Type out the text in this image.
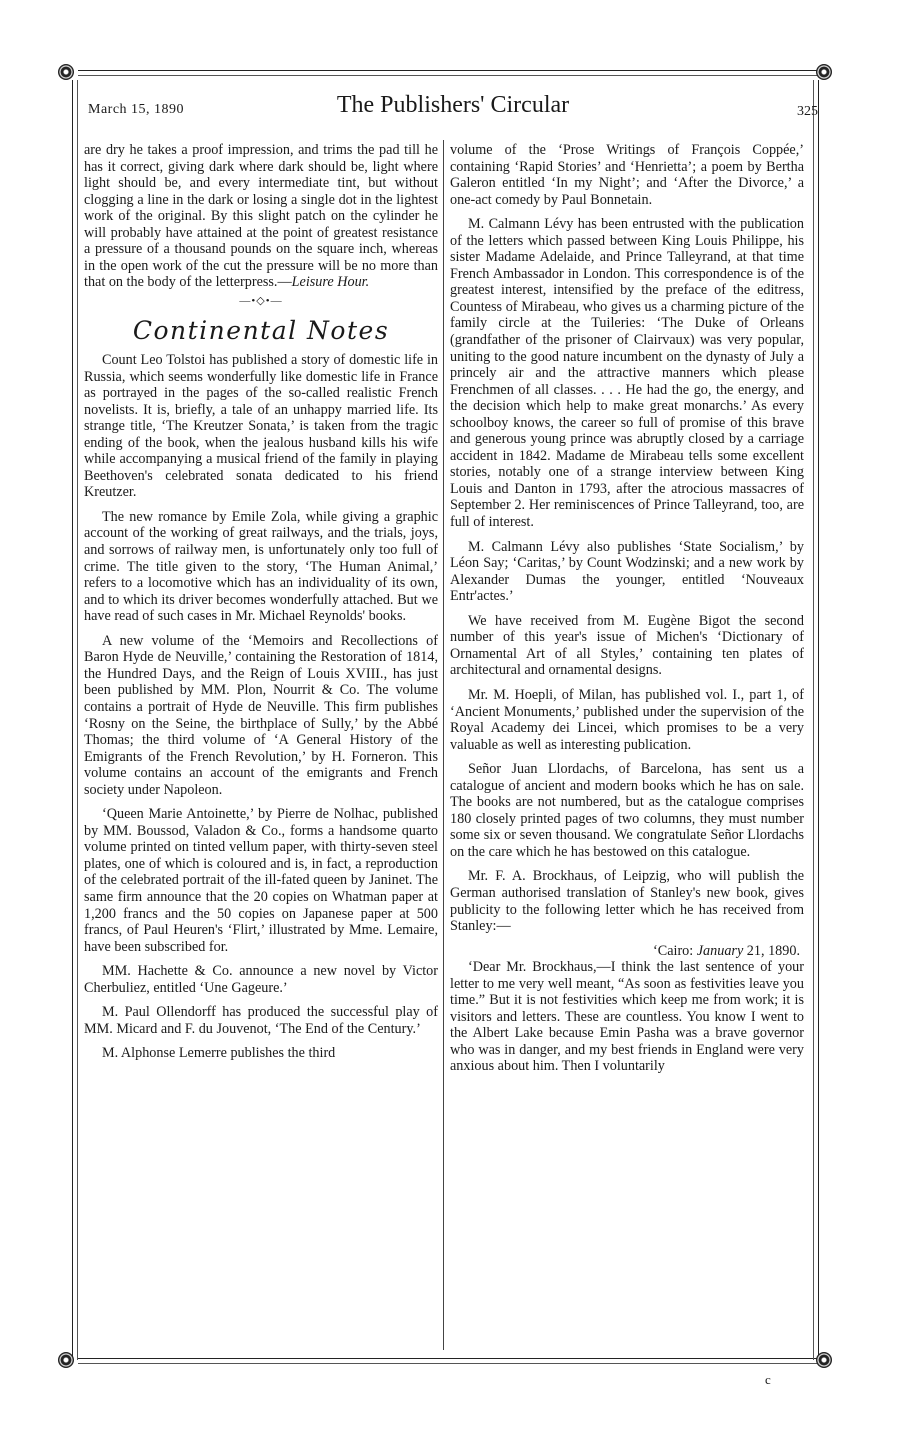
March 15, 1890	The Publishers' Circular	325

are dry he takes a proof impression, and trims the pad till he has it correct, giving dark where dark should be, light where light should be, and every intermediate tint, but without clogging a line in the dark or losing a single dot in the lightest work of the original. By this slight patch on the cylinder he will probably have attained at the point of greatest resistance a pressure of a thousand pounds on the square inch, whereas in the open work of the cut the pressure will be no more than that on the body of the letterpress.—Leisure Hour.

—•◇•—
Continental Notes

Count Leo Tolstoi has published a story of domestic life in Russia, which seems wonderfully like domestic life in France as portrayed in the pages of the so-called realistic French novelists. It is, briefly, a tale of an unhappy married life. Its strange title, ‘The Kreutzer Sonata,’ is taken from the tragic ending of the book, when the jealous husband kills his wife while accompanying a musical friend of the family in playing Beethoven's celebrated sonata dedicated to his friend Kreutzer.

The new romance by Emile Zola, while giving a graphic account of the working of great railways, and the trials, joys, and sorrows of railway men, is unfortunately only too full of crime. The title given to the story, ‘The Human Animal,’ refers to a locomotive which has an individuality of its own, and to which its driver becomes wonderfully attached. But we have read of such cases in Mr. Michael Reynolds' books.

A new volume of the ‘Memoirs and Recollections of Baron Hyde de Neuville,’ containing the Restoration of 1814, the Hundred Days, and the Reign of Louis XVIII., has just been published by MM. Plon, Nourrit & Co. The volume contains a portrait of Hyde de Neuville. This firm publishes ‘Rosny on the Seine, the birthplace of Sully,’ by the Abbé Thomas; the third volume of ‘A General History of the Emigrants of the French Revolution,’ by H. Forneron. This volume contains an account of the emigrants and French society under Napoleon.

‘Queen Marie Antoinette,’ by Pierre de Nolhac, published by MM. Boussod, Valadon & Co., forms a handsome quarto volume printed on tinted vellum paper, with thirty-seven steel plates, one of which is coloured and is, in fact, a reproduction of the celebrated portrait of the ill-fated queen by Janinet. The same firm announce that the 20 copies on Whatman paper at 1,200 francs and the 50 copies on Japanese paper at 500 francs, of Paul Heuren's ‘Flirt,’ illustrated by Mme. Lemaire, have been subscribed for.

MM. Hachette & Co. announce a new novel by Victor Cherbuliez, entitled ‘Une Gageure.’

M. Paul Ollendorff has produced the successful play of MM. Micard and F. du Jouvenot, ‘The End of the Century.’

M. Alphonse Lemerre publishes the third

volume of the ‘Prose Writings of François Coppée,’ containing ‘Rapid Stories’ and ‘Henrietta’; a poem by Bertha Galeron entitled ‘In my Night’; and ‘After the Divorce,’ a one-act comedy by Paul Bonnetain.

M. Calmann Lévy has been entrusted with the publication of the letters which passed between King Louis Philippe, his sister Madame Adelaide, and Prince Talleyrand, at that time French Ambassador in London. This correspondence is of the greatest interest, intensified by the preface of the editress, Countess of Mirabeau, who gives us a charming picture of the family circle at the Tuileries: ‘The Duke of Orleans (grandfather of the prisoner of Clairvaux) was very popular, uniting to the good nature incumbent on the dynasty of July a princely air and the attractive manners which please Frenchmen of all classes. . . . He had the go, the energy, and the decision which help to make great monarchs.’ As every schoolboy knows, the career so full of promise of this brave and generous young prince was abruptly closed by a carriage accident in 1842. Madame de Mirabeau tells some excellent stories, notably one of a strange interview between King Louis and Danton in 1793, after the atrocious massacres of September 2. Her reminiscences of Prince Talleyrand, too, are full of interest.

M. Calmann Lévy also publishes ‘State Socialism,’ by Léon Say; ‘Caritas,’ by Count Wodzinski; and a new work by Alexander Dumas the younger, entitled ‘Nouveaux Entr'actes.’

We have received from M. Eugène Bigot the second number of this year's issue of Michen's ‘Dictionary of Ornamental Art of all Styles,’ containing ten plates of architectural and ornamental designs.

Mr. M. Hoepli, of Milan, has published vol. I., part 1, of ‘Ancient Monuments,’ published under the supervision of the Royal Academy dei Lincei, which promises to be a very valuable as well as interesting publication.

Señor Juan Llordachs, of Barcelona, has sent us a catalogue of ancient and modern books which he has on sale. The books are not numbered, but as the catalogue comprises 180 closely printed pages of two columns, they must number some six or seven thousand. We congratulate Señor Llordachs on the care which he has bestowed on this catalogue.

Mr. F. A. Brockhaus, of Leipzig, who will publish the German authorised translation of Stanley's new book, gives publicity to the following letter which he has received from Stanley:—

‘Cairo: January 21, 1890.

‘Dear Mr. Brockhaus,—I think the last sentence of your letter to me very well meant, “As soon as festivities leave you time.” But it is not festivities which keep me from work; it is visitors and letters. These are countless. You know I went to the Albert Lake because Emin Pasha was a brave governor who was in danger, and my best friends in England were very anxious about him. Then I voluntarily

c
